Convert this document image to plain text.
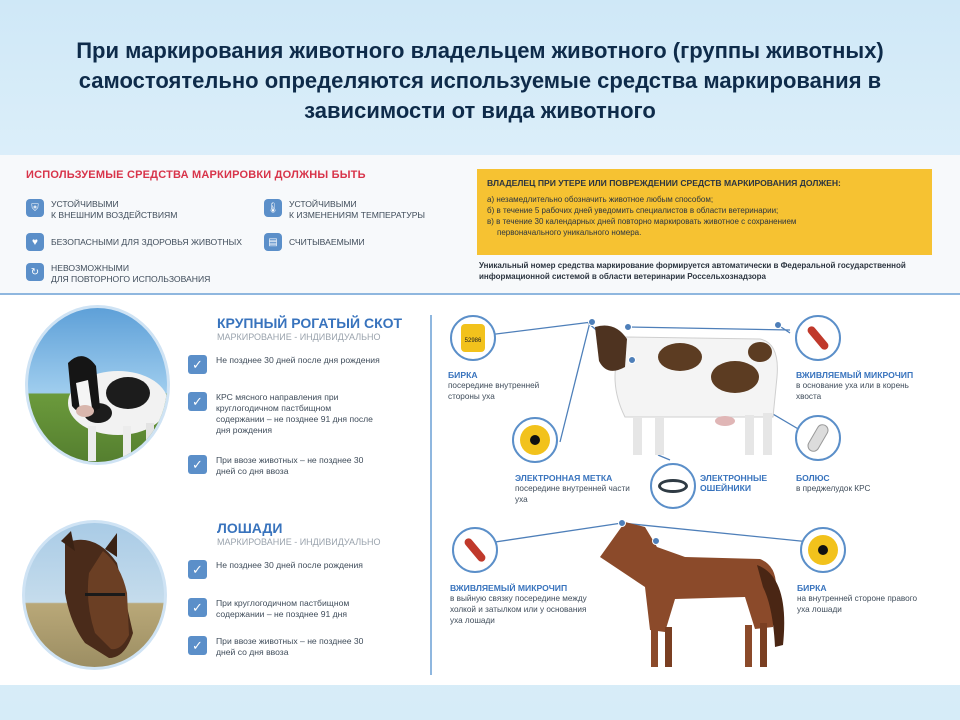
При маркирования животного владельцем животного (группы животных) самостоятельно определяются используемые средства маркирования в зависимости от вида животного
ИСПОЛЬЗУЕМЫЕ СРЕДСТВА МАРКИРОВКИ ДОЛЖНЫ БЫТЬ
⛨	УСТОЙЧИВЫМИ
К ВНЕШНИМ ВОЗДЕЙСТВИЯМ
♥	БЕЗОПАСНЫМИ ДЛЯ ЗДОРОВЬЯ ЖИВОТНЫХ
↻	НЕВОЗМОЖНЫМИ
ДЛЯ ПОВТОРНОГО ИСПОЛЬЗОВАНИЯ
🌡	УСТОЙЧИВЫМИ
К ИЗМЕНЕНИЯМ ТЕМПЕРАТУРЫ
▤	СЧИТЫВАЕМЫМИ
ВЛАДЕЛЕЦ ПРИ УТЕРЕ ИЛИ ПОВРЕЖДЕНИИ СРЕДСТВ МАРКИРОВАНИЯ ДОЛЖЕН:
а) незамедлительно обозначить животное любым способом;
б) в течение 5 рабочих дней уведомить специалистов в области ветеринарии;
в) в течение 30 календарных дней повторно маркировать животное с сохранением
первоначального уникального номера.
Уникальный номер средства маркирование формируется автоматически в Федеральной государственной информационной системой в области ветеринарии Россельхознадзора
КРУПНЫЙ РОГАТЫЙ СКОТ
МАРКИРОВАНИЕ - ИНДИВИДУАЛЬНО
✓	Не позднее 30 дней после дня рождения
✓	КРС мясного направления при круглогодичном пастбищном содержании – не позднее 91 дня после дня рождения
✓	При ввозе животных – не позднее 30 дней со дня ввоза
ЛОШАДИ
МАРКИРОВАНИЕ - ИНДИВИДУАЛЬНО
✓	Не позднее 30 дней после рождения
✓	При круглогодичном пастбищном содержании – не позднее 91 дня
✓	При ввозе животных – не позднее 30 дней со дня ввоза
52986
БИРКА
посередине внутренней стороны уха
ЭЛЕКТРОННАЯ МЕТКА
посередине внутренней части уха
ЭЛЕКТРОННЫЕ ОШЕЙНИКИ
ВЖИВЛЯЕМЫЙ МИКРОЧИП
в основание уха или в корень хвоста
БОЛЮС
в преджелудок КРС
ВЖИВЛЯЕМЫЙ МИКРОЧИП
в выйную связку посередине между холкой и затылком или у основания уха лошади
БИРКА
на внутренней стороне правого уха лошади
